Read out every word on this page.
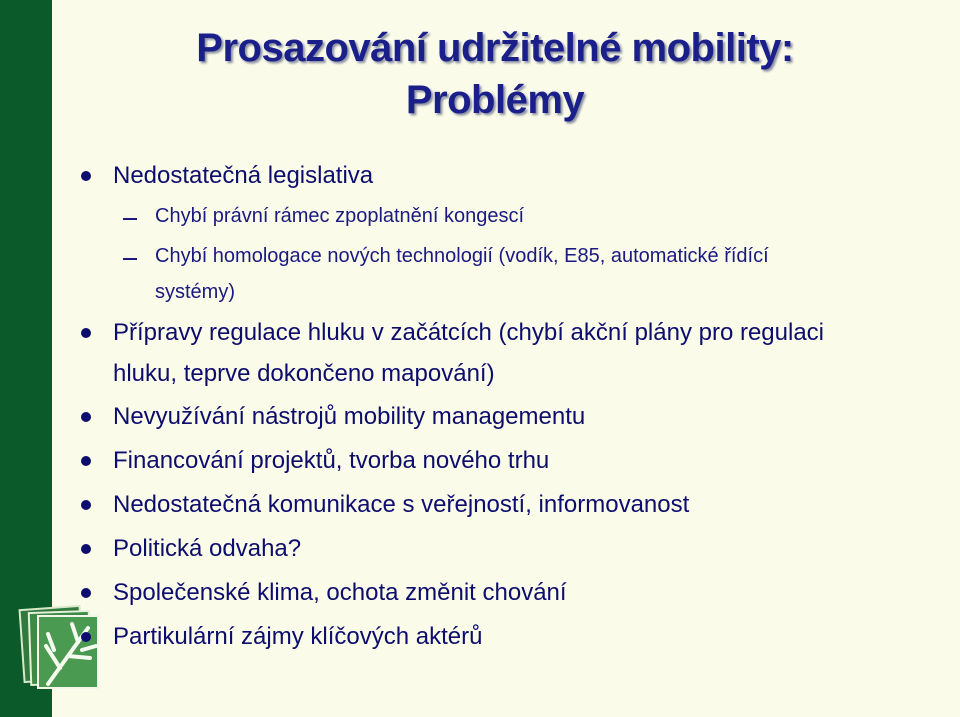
Prosazování udržitelné mobility:
Problémy
Nedostatečná legislativa
Chybí právní rámec zpoplatnění kongescí
Chybí homologace nových technologií (vodík, E85, automatické řídící
systémy)
Přípravy regulace hluku v začátcích (chybí akční plány pro regulaci
hluku, teprve dokončeno mapování)
Nevyužívání nástrojů mobility managementu
Financování projektů, tvorba nového trhu
Nedostatečná komunikace s veřejností, informovanost
Politická odvaha?
Společenské klima, ochota změnit chování
Partikulární zájmy klíčových aktérů
